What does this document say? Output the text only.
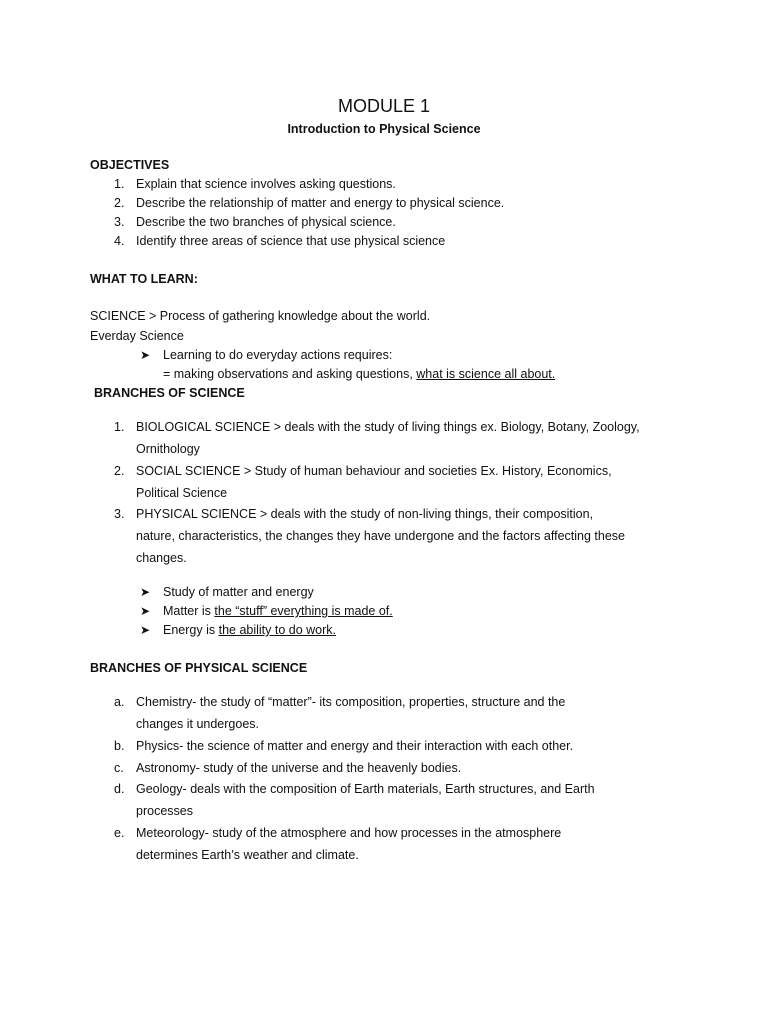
MODULE 1
Introduction to Physical Science
OBJECTIVES
1. Explain that science involves asking questions.
2. Describe the relationship of matter and energy to physical science.
3. Describe the two branches of physical science.
4. Identify three areas of science that use physical science
WHAT TO LEARN:
SCIENCE > Process of gathering knowledge about the world.
Everday Science
➤ Learning to do everyday actions requires:
= making observations and asking questions, what is science all about.
BRANCHES OF SCIENCE
1. BIOLOGICAL SCIENCE > deals with the study of living things ex. Biology, Botany, Zoology,
Ornithology
2. SOCIAL SCIENCE > Study of human behaviour and societies Ex. History, Economics,
Political Science
3. PHYSICAL SCIENCE > deals with the study of non-living things, their composition,
nature, characteristics, the changes they have undergone and the factors affecting these
changes.
➤ Study of matter and energy
➤ Matter is the “stuff” everything is made of.
➤ Energy is the ability to do work.
BRANCHES OF PHYSICAL SCIENCE
a. Chemistry- the study of “matter”- its composition, properties, structure and the
changes it undergoes.
b. Physics- the science of matter and energy and their interaction with each other.
c. Astronomy- study of the universe and the heavenly bodies.
d. Geology- deals with the composition of Earth materials, Earth structures, and Earth
processes
e. Meteorology- study of the atmosphere and how processes in the atmosphere
determines Earth’s weather and climate.
